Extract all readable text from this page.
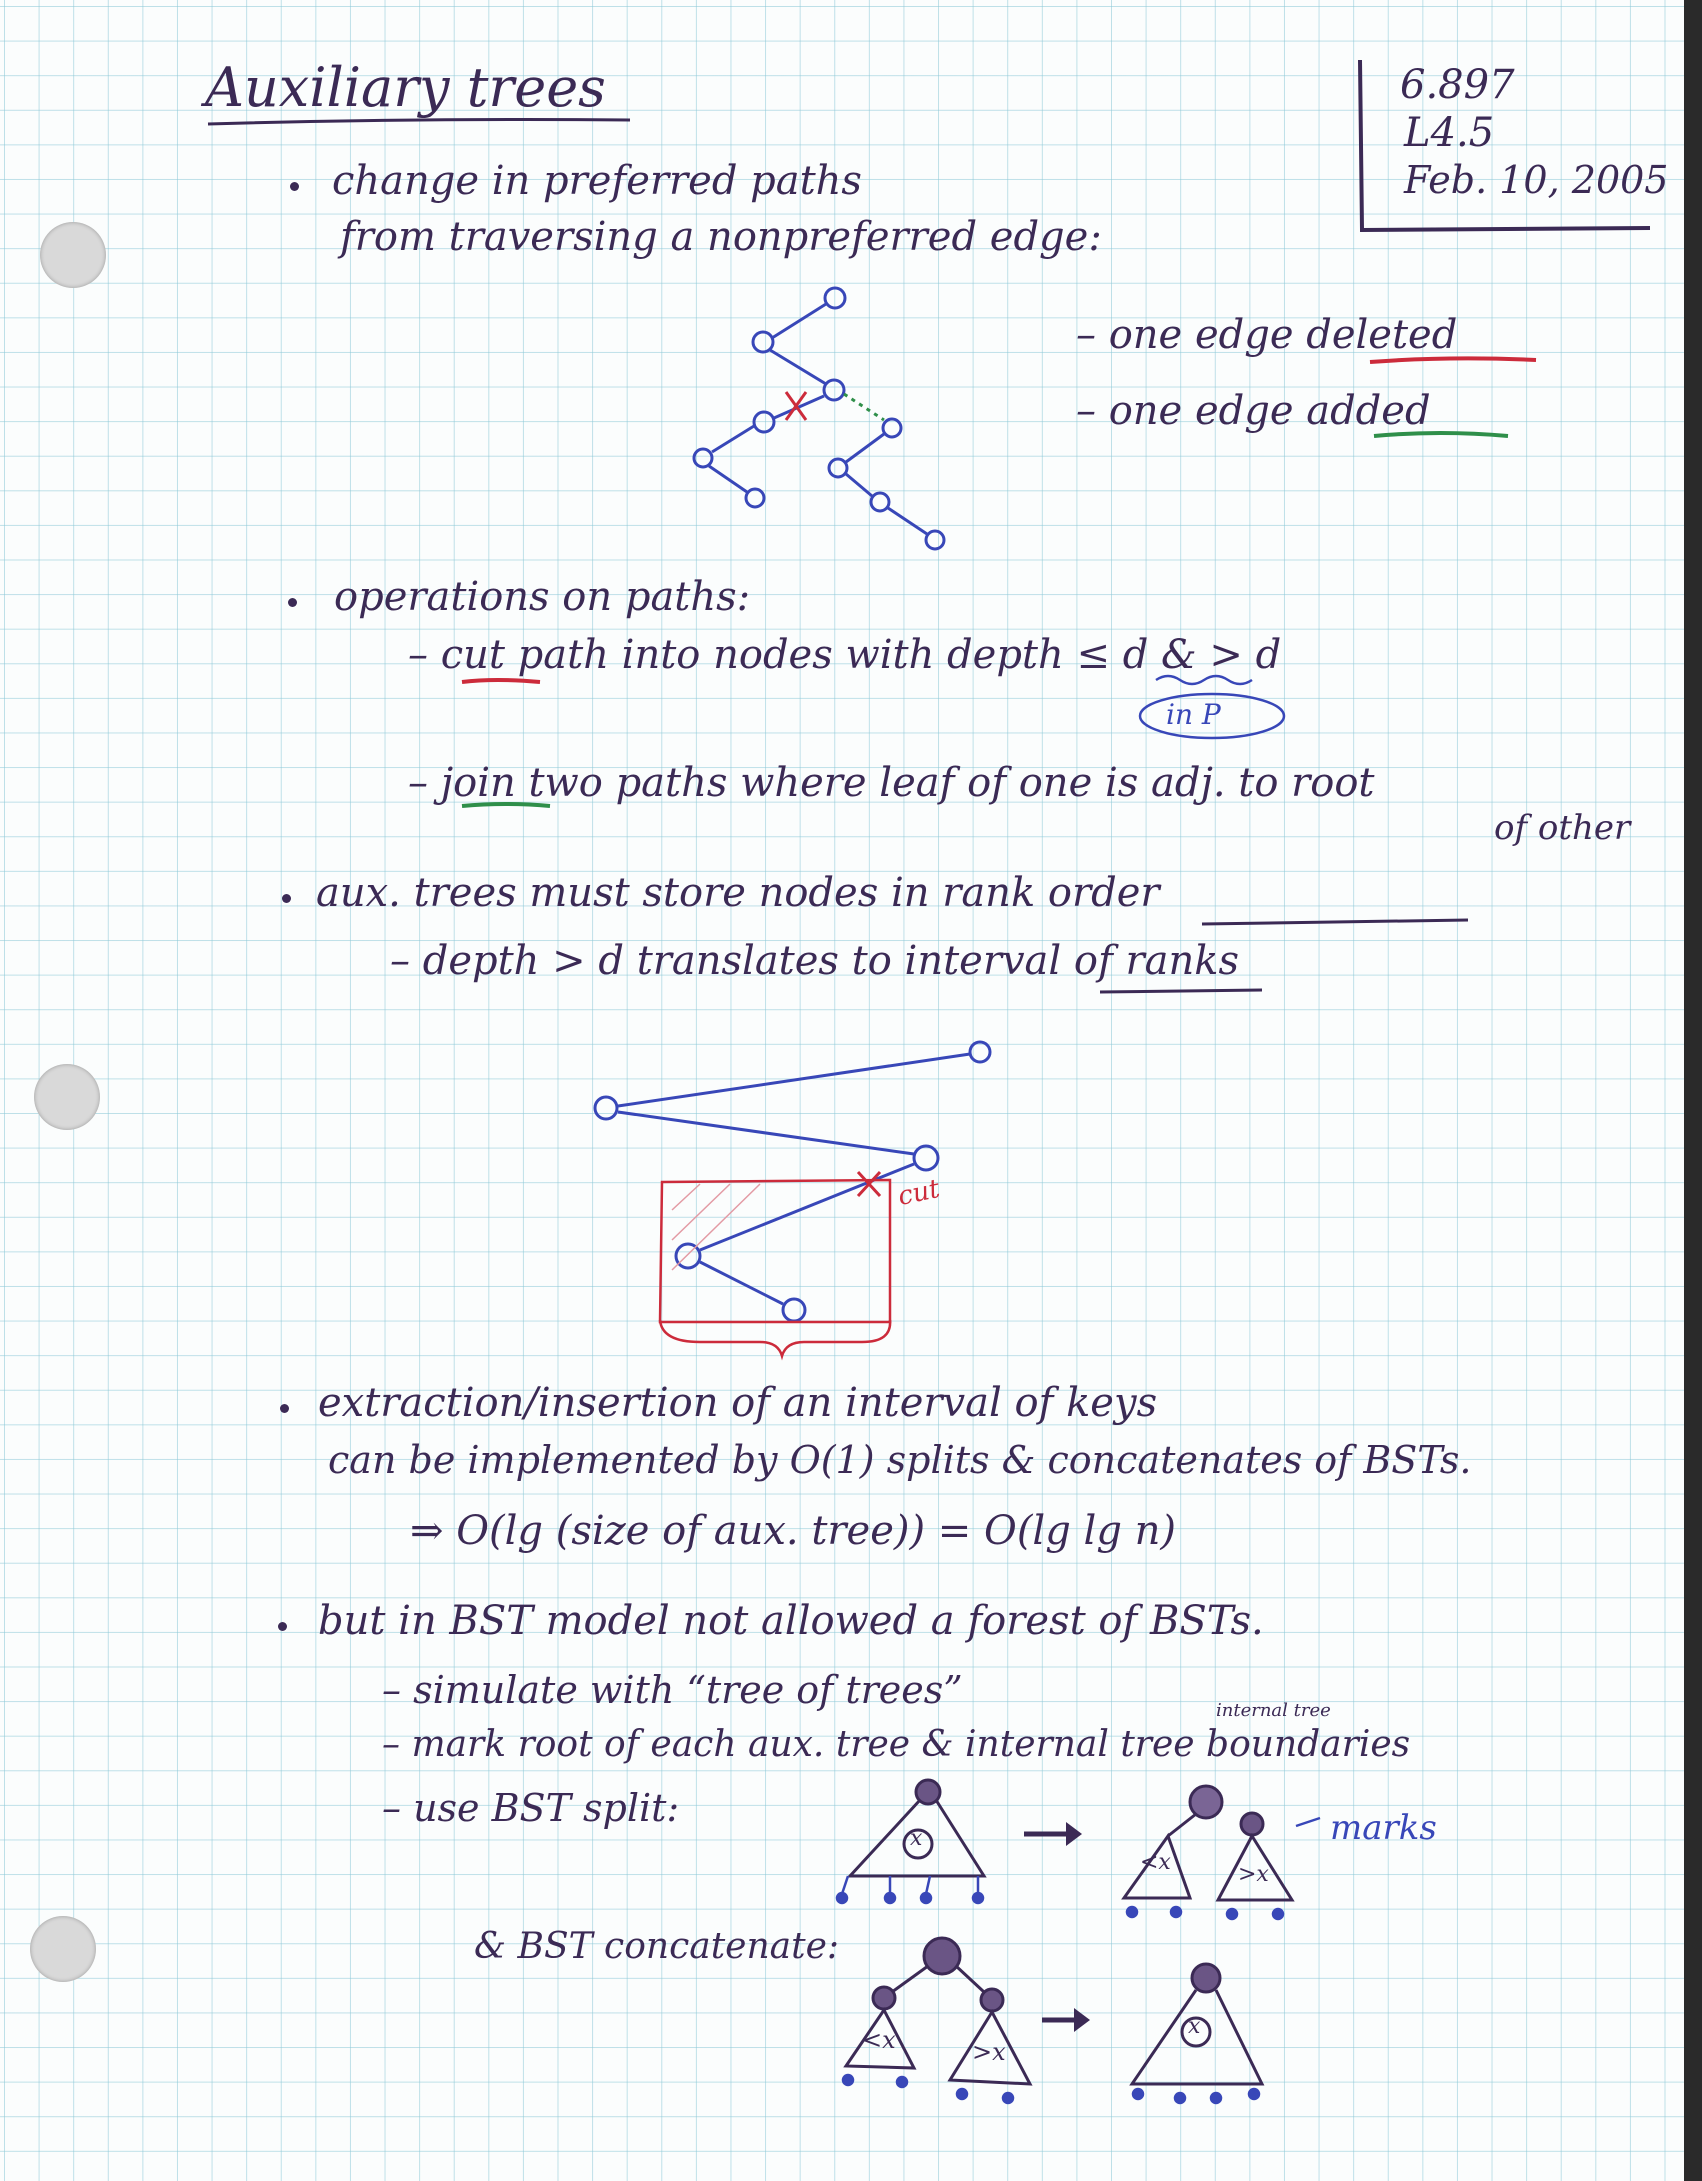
Auxiliary trees	6.897
L4.5
Feb. 10, 2005
change in preferred paths
from traversing a nonpreferred edge:
– one edge deleted
– one edge added
operations on paths:
– cut path into nodes with depth ≤ d & > d
in P
– join two paths where leaf of one is adj. to root
of other
aux. trees must store nodes in rank order
– depth > d translates to interval of ranks
cut
extraction/insertion of an interval of keys
can be implemented by O(1) splits & concatenates of BSTs.
⇒ O(lg (size of aux. tree)) = O(lg lg n)
but in BST model not allowed a forest of BSTs.
– simulate with “tree of trees”
– mark root of each aux. tree & internal tree boundaries
internal tree
– use BST split:	marks
& BST concatenate:
x
<x	>x
<x	>x
x
